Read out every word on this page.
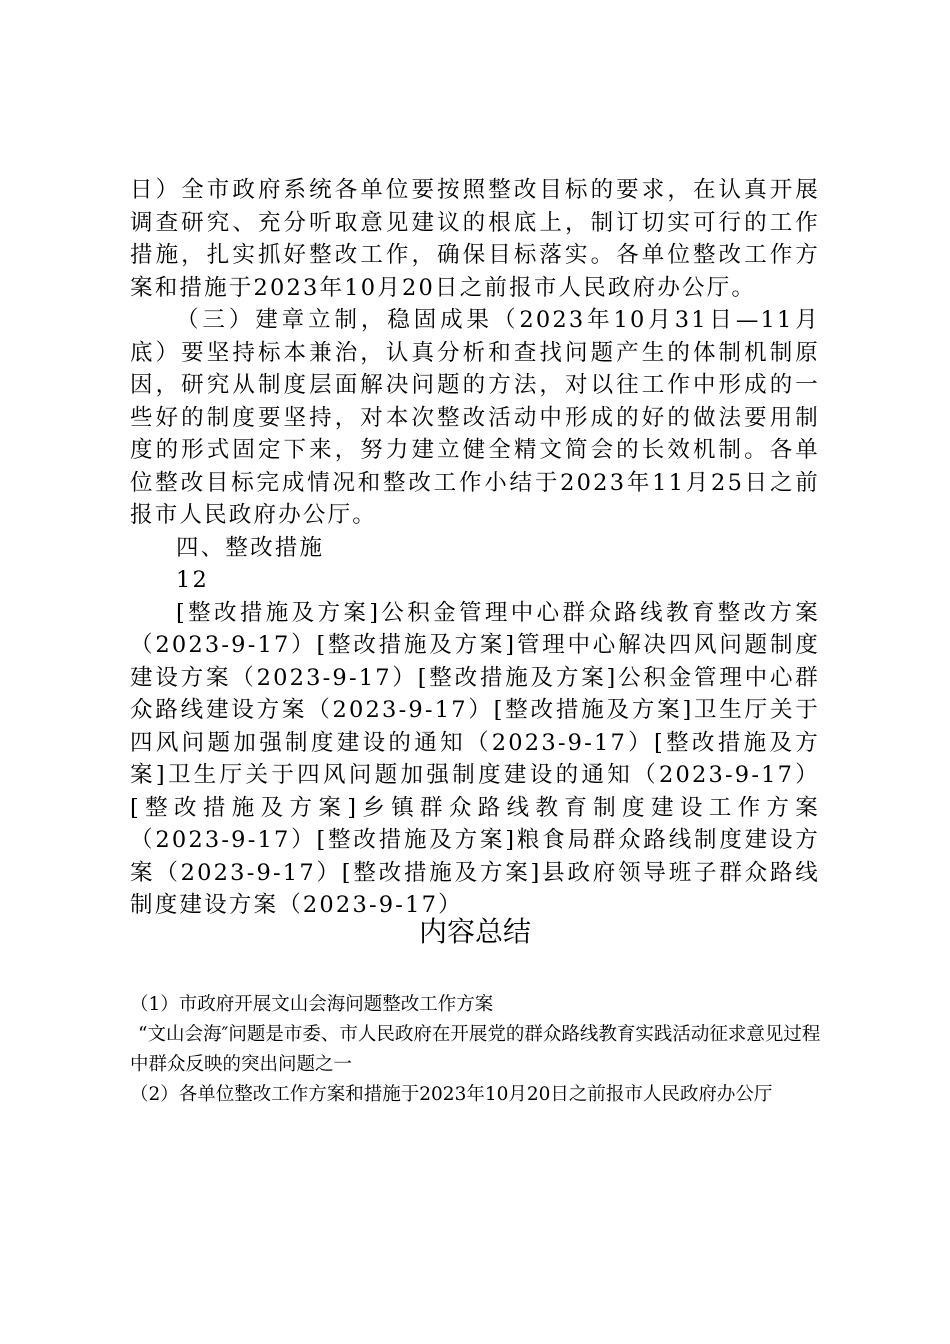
日）全市政府系统各单位要按照整改目标的要求，在认真开展调查研究、充分听取意见建议的根底上，制订切实可行的工作措施，扎实抓好整改工作，确保目标落实。各单位整改工作方案和措施于2023年10月20日之前报市人民政府办公厅。

（三）建章立制，稳固成果（2023年10月31日—11月底）要坚持标本兼治，认真分析和查找问题产生的体制机制原因，研究从制度层面解决问题的方法，对以往工作中形成的一些好的制度要坚持，对本次整改活动中形成的好的做法要用制度的形式固定下来，努力建立健全精文简会的长效机制。各单位整改目标完成情况和整改工作小结于2023年11月25日之前报市人民政府办公厅。

四、整改措施

12

[整改措施及方案]公积金管理中心群众路线教育整改方案（2023-9-17）[整改措施及方案]管理中心解决四风问题制度建设方案（2023-9-17）[整改措施及方案]公积金管理中心群众路线建设方案（2023-9-17）[整改措施及方案]卫生厅关于四风问题加强制度建设的通知（2023-9-17）[整改措施及方案]卫生厅关于四风问题加强制度建设的通知（2023-9-17）[整改措施及方案]乡镇群众路线教育制度建设工作方案（2023-9-17）[整改措施及方案]粮食局群众路线制度建设方案（2023-9-17）[整改措施及方案]县政府领导班子群众路线制度建设方案（2023-9-17）

内容总结

（1）市政府开展文山会海问题整改工作方案

“文山会海″问题是市委、市人民政府在开展党的群众路线教育实践活动征求意见过程中群众反映的突出问题之一

（2）各单位整改工作方案和措施于2023年10月20日之前报市人民政府办公厅
